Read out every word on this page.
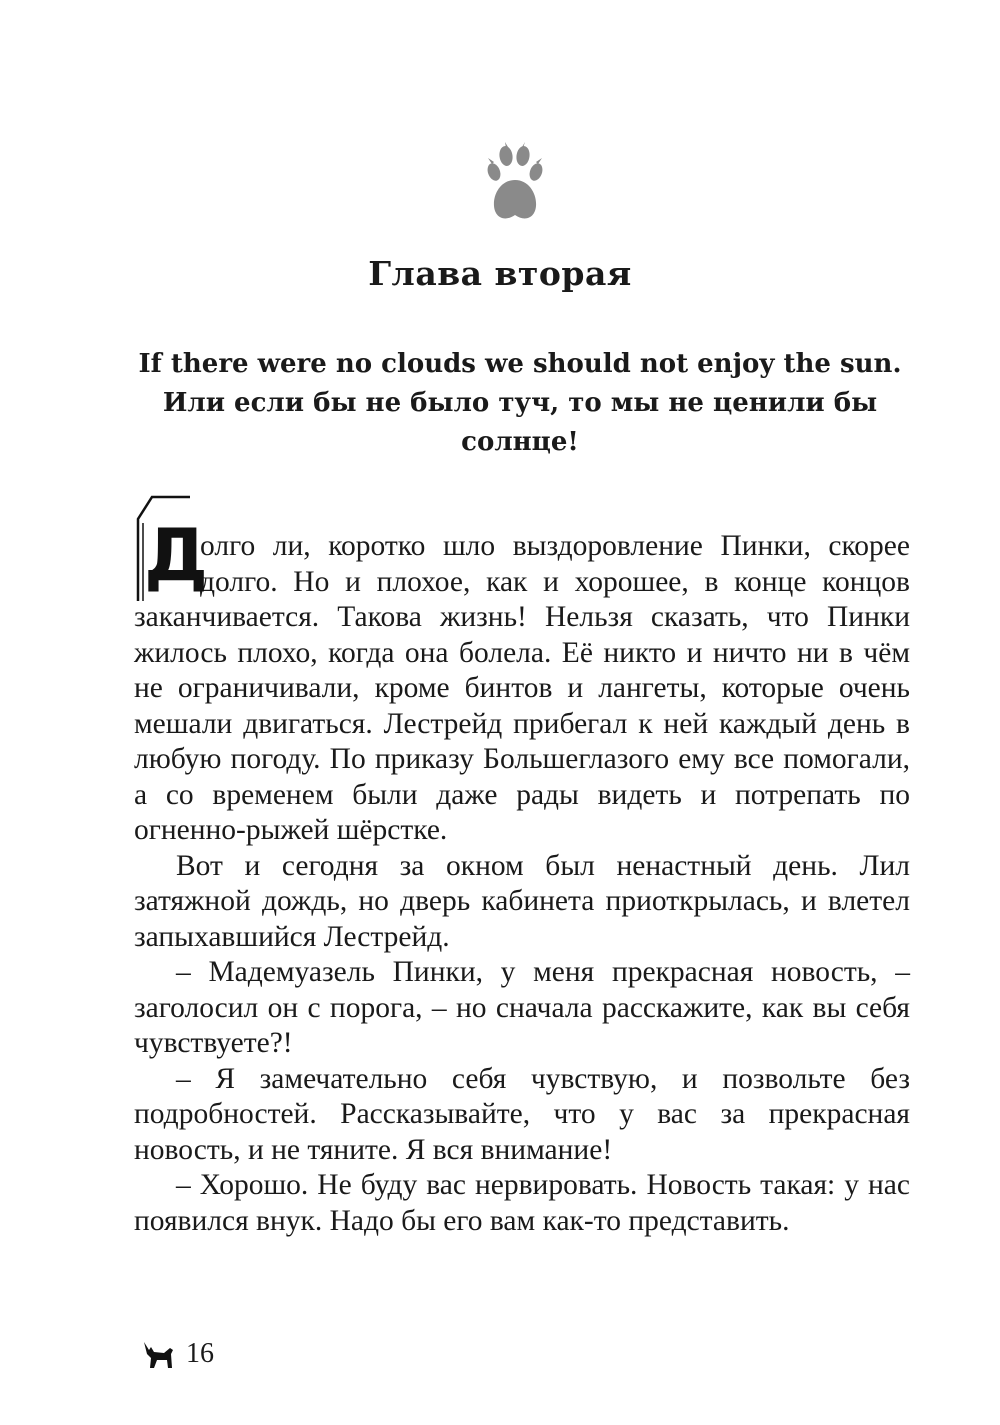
Глава вторая
If there were no clouds we should not enjoy the sun.
Или если бы не было туч, то мы не ценили бы
солнце!

Д
олго ли, коротко шло выздоровление Пинки, скорее долго. Но и плохое, как и хорошее, в конце концов заканчивается. Такова жизнь! Нельзя сказать, что Пинки жилось плохо, когда она болела. Её никто и ничто ни в чём не ограничивали, кроме бинтов и лангеты, которые очень мешали двигаться. Лестрейд прибегал к ней каждый день в любую погоду. По приказу Большеглазого ему все помогали, а со временем были даже рады видеть и потрепать по огненно-рыжей шёрстке.

Вот и сегодня за окном был ненастный день. Лил затяжной дождь, но дверь кабинета приоткрылась, и влетел запыхавшийся Лестрейд.

– Мадемуазель Пинки, у меня прекрасная новость, – заголосил он с порога, – но сначала расскажите, как вы себя чувствуете?!

– Я замечательно себя чувствую, и позвольте без подробностей. Рассказывайте, что у вас за прекрасная новость, и не тяните. Я вся внимание!

– Хорошо. Не буду вас нервировать. Новость такая: у нас появился внук. Надо бы его вам как-то представить.

16
